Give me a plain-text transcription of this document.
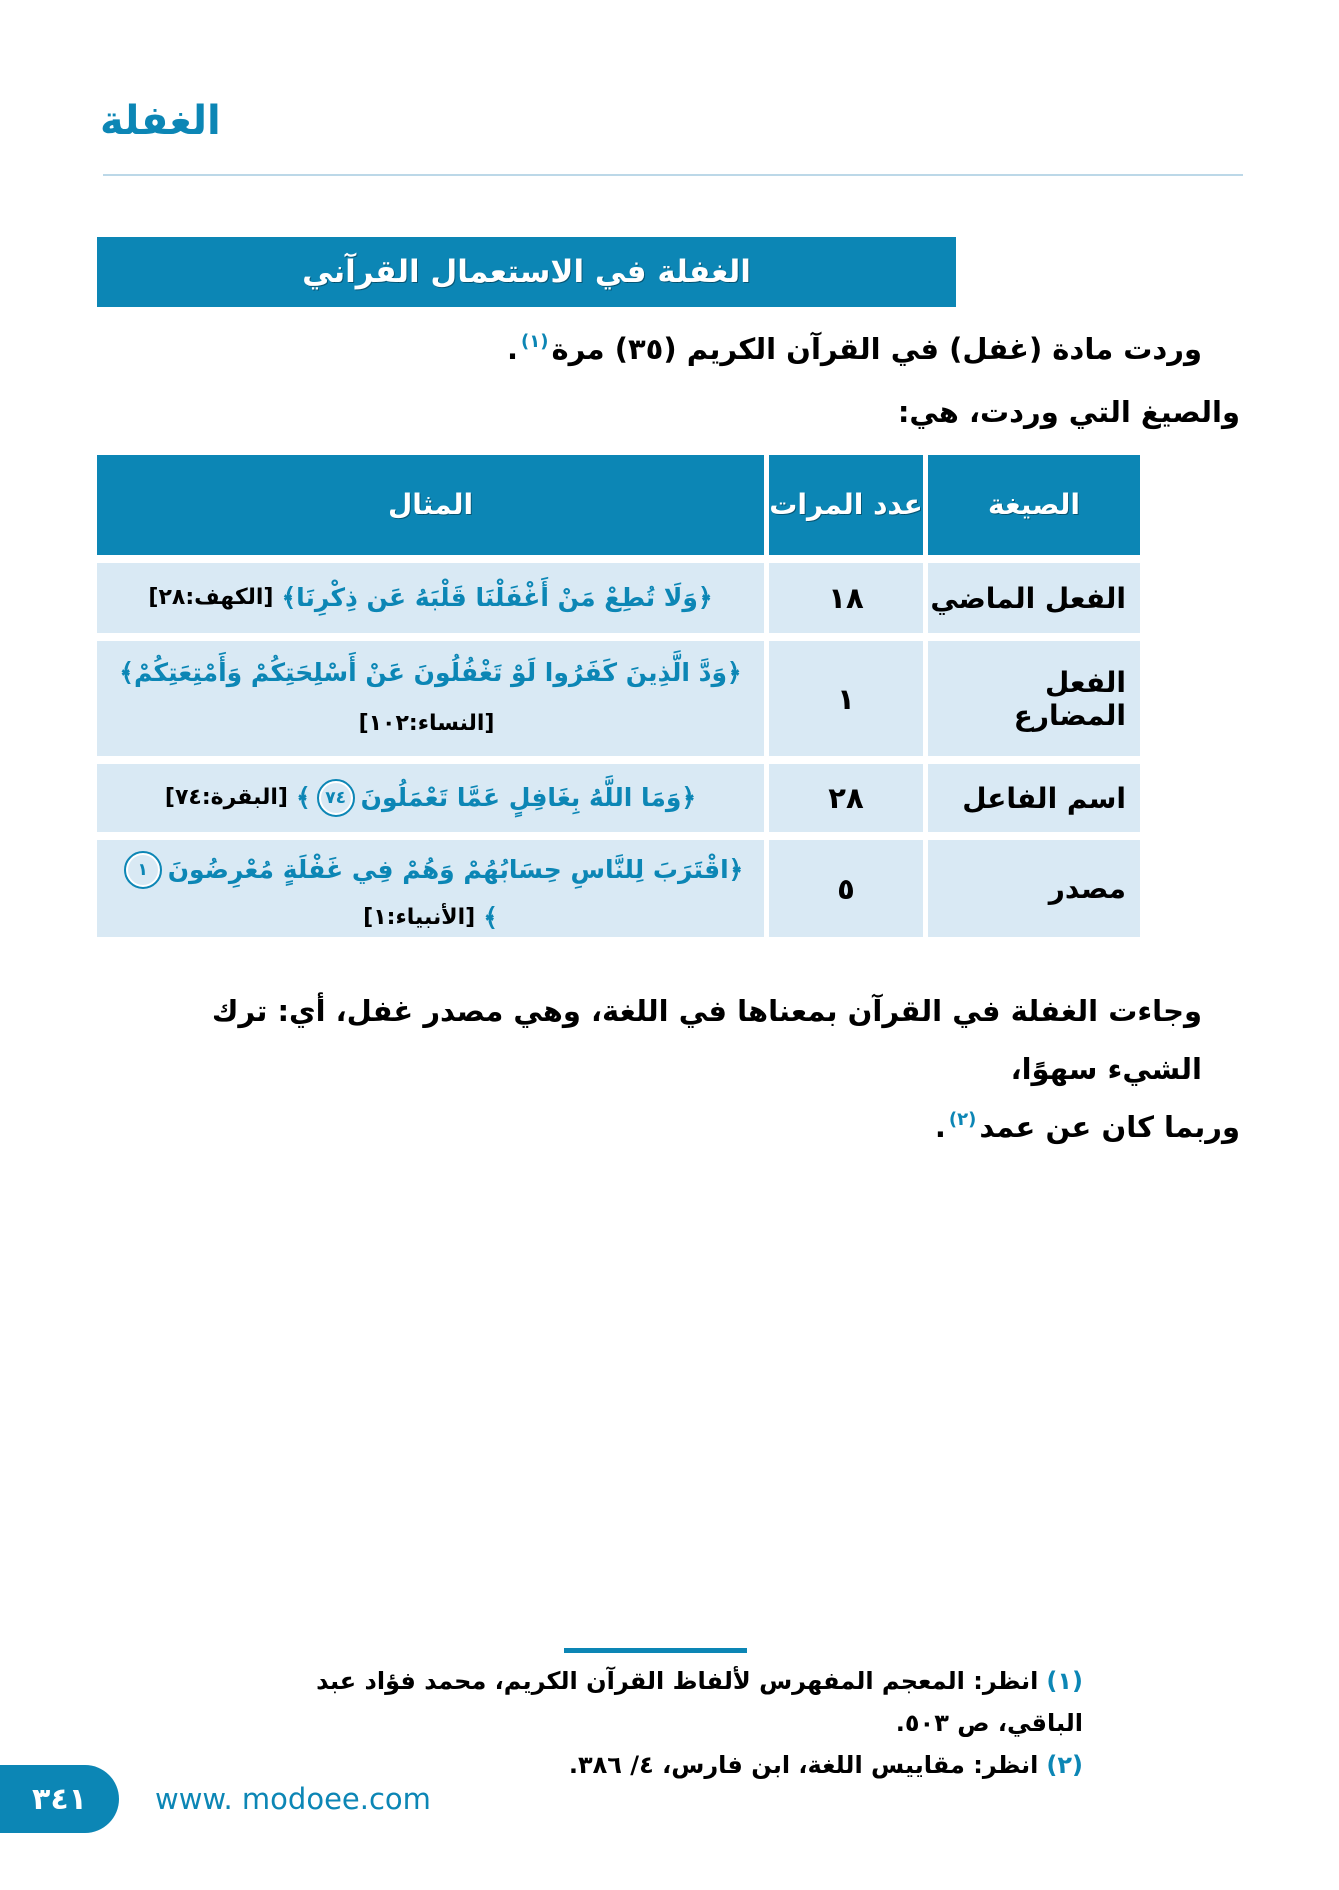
الغفلة
الغفلة في الاستعمال القرآني
وردت مادة (غفل) في القرآن الكريم (٣٥) مرة$^{(١)}$.
والصيغ التي وردت، هي:
الصيغة
عدد المرات
المثال
الفعل الماضي
١٨
﴿وَلَا تُطِعْ مَنْ أَغْفَلْنَا قَلْبَهُ عَن ذِكْرِنَا
﴾
[الكهف:٢٨]
الفعل المضارع
١
﴿وَدَّ الَّذِينَ كَفَرُوا لَوْ تَغْفُلُونَ عَنْ أَسْلِحَتِكُمْ وَأَمْتِعَتِكُمْ
﴾
[النساء:١٠٢]
اسم الفاعل
٢٨
﴿وَمَا اللَّهُ بِغَافِلٍ عَمَّا تَعْمَلُونَ
٧٤
﴾
[البقرة:٧٤]
مصدر
٥
﴿اقْتَرَبَ لِلنَّاسِ حِسَابُهُمْ وَهُمْ فِي غَفْلَةٍ مُعْرِضُونَ
١
﴾
[الأنبياء:١]
وجاءت الغفلة في القرآن بمعناها في اللغة، وهي مصدر غفل، أي: ترك الشيء سهوًا،
وربما كان عن عمد$^{(٢)}$.
(١)انظر: المعجم المفهرس لألفاظ القرآن الكريم، محمد فؤاد عبد الباقي، ص ٥٠٣.
(٢)انظر: مقاييس اللغة، ابن فارس، ٤/ ٣٨٦.
٣٤١ www. modoee.com
